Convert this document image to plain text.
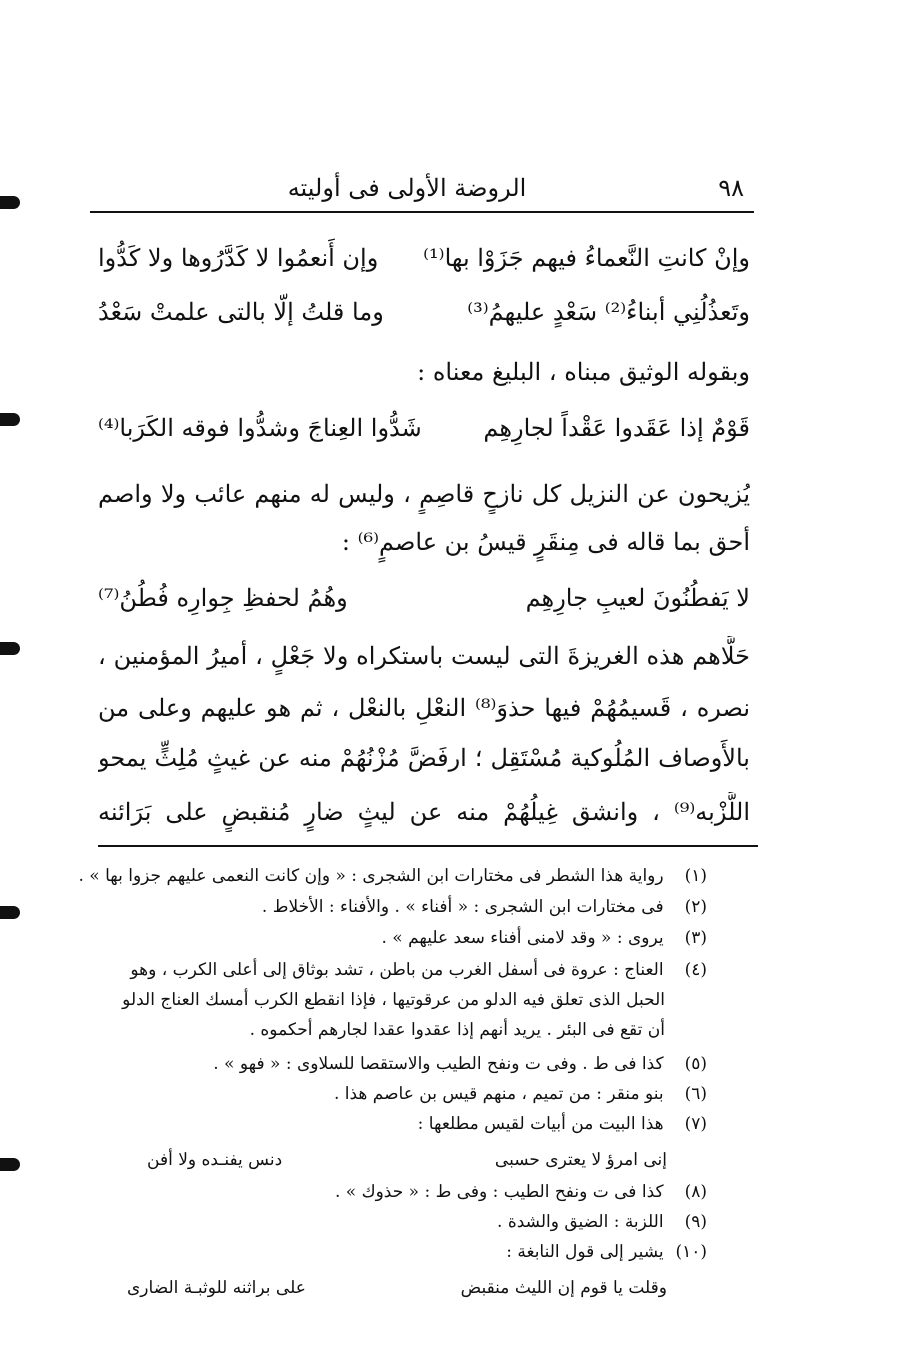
٩٨
الروضة الأولى فى أوليته
وإنْ كانتِ النَّعماءُ فيهم جَزَوْا بها⁽¹⁾
وإن أَنعمُوا لا كَدَّرُوها ولا كَدُّوا
وتَعذُلُنِي أبناءُ⁽²⁾ سَعْدٍ عليهمُ⁽³⁾
وما قلتُ إلّا بالتى علمتْ سَعْدُ
وبقوله الوثيق مبناه ، البليغ معناه :
قَوْمٌ إذا عَقَدوا عَقْداً لجارِهِم
شَدُّوا العِناجَ وشدُّوا فوقه الكَرَبا⁽⁴⁾
يُزيحون عن النزيل كل نازحٍ قاصِمٍ ، وليس له منهم عائب ولا واصم
أحق بما قاله فى مِنقَرٍ قيسُ بن عاصمٍ⁽⁶⁾ :
لا يَفطُنُونَ لعيبِ جارِهِم
وهُمُ لحفظِ جِوارِه فُطُنُ⁽⁷⁾
حَلَّاهم هذه الغريزةَ التى ليست باستكراه ولا جَعْلٍ ، أميرُ المؤمنين ،
نصره ، قَسيمُهُمْ فيها حذوَ⁽⁸⁾ النعْلِ بالنعْل ، ثم هو عليهم وعلى من
بالأَوصاف المُلُوكية مُسْتَقِل ؛ ارفَضَّ مُزْنُهُمْ منه عن غيثٍ مُلِثٍّ يمحو
اللَّزْبه⁽⁹⁾ ، وانشق غِيلُهُمْ منه عن ليثٍ ضارٍ مُنقبضٍ على بَرَائنه
(١) رواية هذا الشطر فى مختارات ابن الشجرى : « وإن كانت النعمى عليهم جزوا بها » .
(٢) فى مختارات ابن الشجرى : « أفناء » . والأفناء : الأخلاط .
(٣) يروى : « وقد لامنى أفناء سعد عليهم » .
(٤) العناج : عروة فى أسفل الغرب من باطن ، تشد بوثاق إلى أعلى الكرب ، وهو
الحبل الذى تعلق فيه الدلو من عرقوتيها ، فإذا انقطع الكرب أمسك العناج الدلو
أن تقع فى البئر . يريد أنهم إذا عقدوا عقدا لجارهم أحكموه .
(٥) كذا فى ط . وفى ت ونفح الطيب والاستقصا للسلاوى : « فهو » .
(٦) بنو منقر : من تميم ، منهم قيس بن عاصم هذا .
(٧) هذا البيت من أبيات لقيس مطلعها :
إنى امرؤ لا يعترى حسبى
دنس يفنـده ولا أفن
(٨) كذا فى ت ونفح الطيب : وفى ط : « حذوك » .
(٩) اللزبة : الضيق والشدة .
(١٠) يشير إلى قول النابغة :
وقلت يا قوم إن الليث منقبض
على براثنه للوثبـة الضارى
